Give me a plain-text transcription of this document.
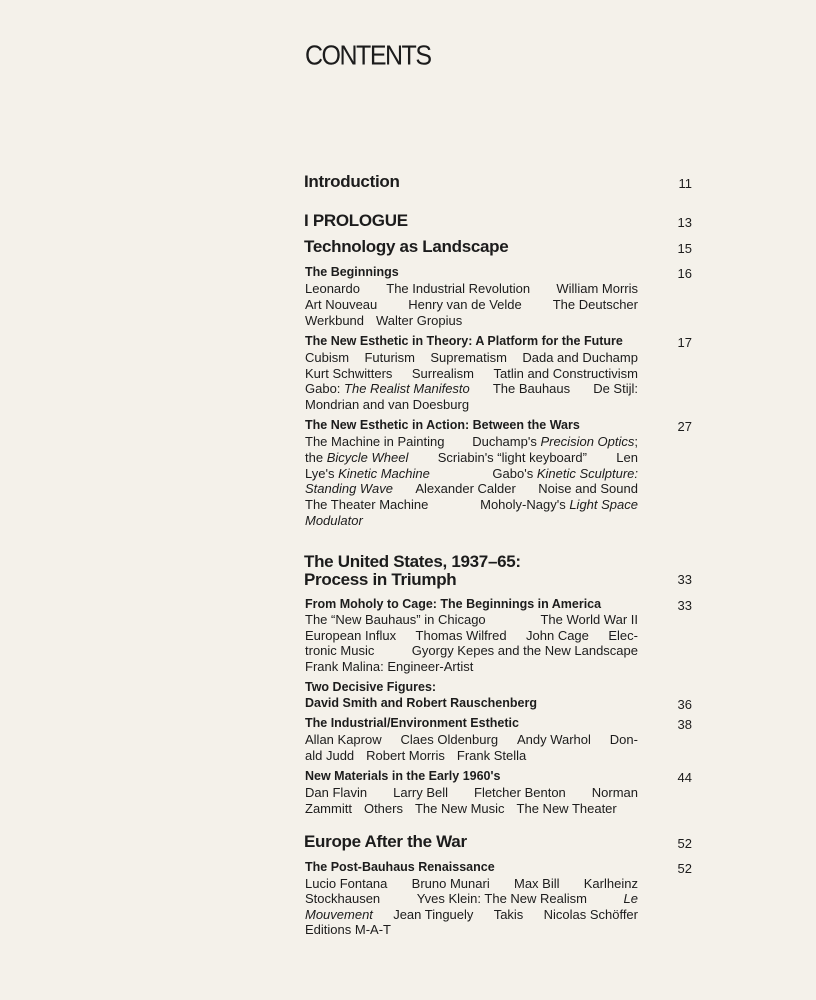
CONTENTS
Introduction	11
I PROLOGUE	13
Technology as Landscape	15
The Beginnings	16
Leonardo The Industrial Revolution William Morris
Art Nouveau Henry van de Velde The Deutscher
Werkbund Walter Gropius
The New Esthetic in Theory: A Platform for the Future	17
Cubism Futurism Suprematism Dada and Duchamp
Kurt Schwitters Surrealism Tatlin and Constructivism
Gabo: The Realist Manifesto The Bauhaus De Stijl:
Mondrian and van Doesburg
The New Esthetic in Action: Between the Wars	27
The Machine in Painting Duchamp's Precision Optics;
the Bicycle Wheel Scriabin's “light keyboard” Len
Lye's Kinetic Machine	Gabo's Kinetic Sculpture:
Standing Wave Alexander Calder Noise and Sound
The Theater Machine	Moholy-Nagy's Light Space
Modulator
The United States, 1937–65:
Process in Triumph	33
From Moholy to Cage: The Beginnings in America	33
The “New Bauhaus” in Chicago	The World War II
European Influx Thomas Wilfred John Cage Elec-
tronic Music	Gyorgy Kepes and the New Landscape
Frank Malina: Engineer-Artist
Two Decisive Figures:
David Smith and Robert Rauschenberg	36
The Industrial/Environment Esthetic	38
Allan Kaprow Claes Oldenburg Andy Warhol Don-
ald Judd Robert Morris Frank Stella
New Materials in the Early 1960's	44
Dan Flavin Larry Bell Fletcher Benton Norman
Zammitt Others The New Music The New Theater
Europe After the War	52
The Post-Bauhaus Renaissance	52
Lucio Fontana Bruno Munari Max Bill Karlheinz
Stockhausen	Yves Klein: The New Realism	Le
Mouvement Jean Tinguely Takis Nicolas Schöffer
Editions M-A-T
